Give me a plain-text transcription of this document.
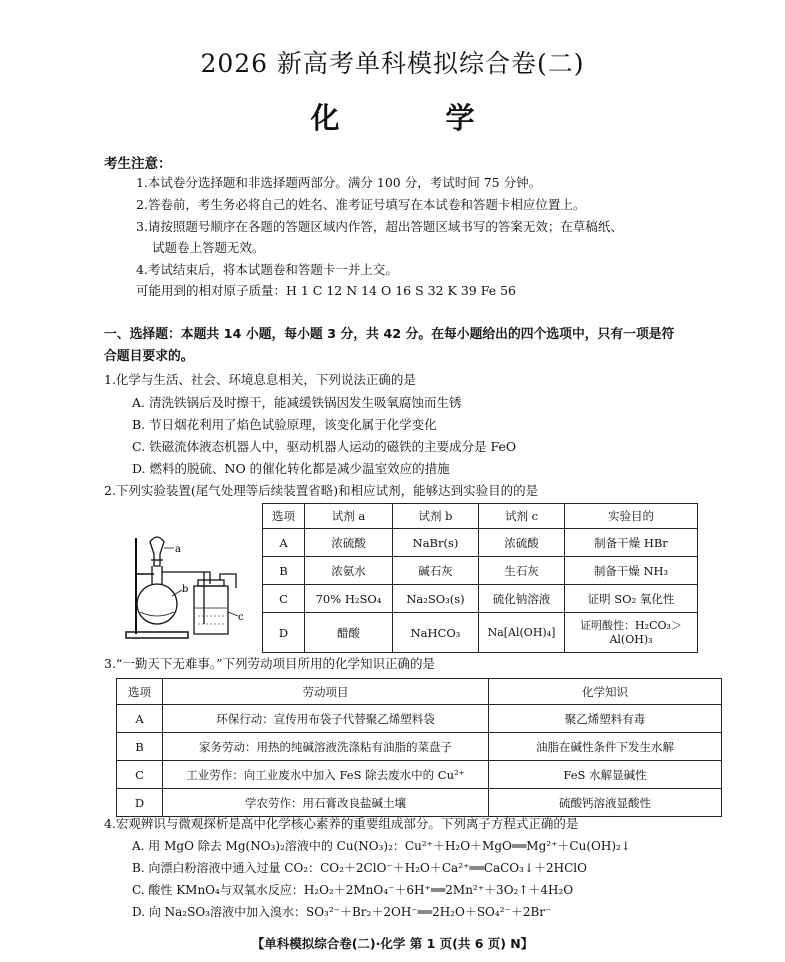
2026 新高考单科模拟综合卷(二)
化 学
考生注意：
1.本试卷分选择题和非选择题两部分。满分 100 分，考试时间 75 分钟。
2.答卷前，考生务必将自己的姓名、准考证号填写在本试卷和答题卡相应位置上。
3.请按照题号顺序在各题的答题区域内作答，超出答题区域书写的答案无效；在草稿纸、
试题卷上答题无效。
4.考试结束后，将本试题卷和答题卡一并上交。
可能用到的相对原子质量：H 1 C 12 N 14 O 16 S 32 K 39 Fe 56
一、选择题：本题共 14 小题，每小题 3 分，共 42 分。在每小题给出的四个选项中，只有一项是符
合题目要求的。
1.化学与生活、社会、环境息息相关，下列说法正确的是
A. 清洗铁锅后及时擦干，能减缓铁锅因发生吸氧腐蚀而生锈
B. 节日烟花利用了焰色试验原理，该变化属于化学变化
C. 铁磁流体液态机器人中，驱动机器人运动的磁铁的主要成分是 FeO
D. 燃料的脱硫、NO 的催化转化都是减少温室效应的措施
2.下列实验装置(尾气处理等后续装置省略)和相应试剂，能够达到实验目的的是
a
b
c
选项	试剂 a	试剂 b	试剂 c	实验目的
A	浓硫酸	NaBr(s)	浓硫酸	制备干燥 HBr
B	浓氨水	碱石灰	生石灰	制备干燥 NH₃
C	70% H₂SO₄	Na₂SO₃(s)	硫化钠溶液	证明 SO₂ 氧化性
D	醋酸	NaHCO₃	Na[Al(OH)₄]	证明酸性：H₂CO₃＞Al(OH)₃
3.“一勤天下无难事。”下列劳动项目所用的化学知识正确的是
选项	劳动项目	化学知识
A	环保行动：宣传用布袋子代替聚乙烯塑料袋	聚乙烯塑料有毒
B	家务劳动：用热的纯碱溶液洗涤粘有油脂的菜盘子	油脂在碱性条件下发生水解
C	工业劳作：向工业废水中加入 FeS 除去废水中的 Cu²⁺	FeS 水解显碱性
D	学农劳作：用石膏改良盐碱土壤	硫酸钙溶液显酸性
4.宏观辨识与微观探析是高中化学核心素养的重要组成部分。下列离子方程式正确的是
A. 用 MgO 除去 Mg(NO₃)₂溶液中的 Cu(NO₃)₂：Cu²⁺＋H₂O＋MgO══Mg²⁺＋Cu(OH)₂↓
B. 向漂白粉溶液中通入过量 CO₂：CO₂＋2ClO⁻＋H₂O＋Ca²⁺══CaCO₃↓＋2HClO
C. 酸性 KMnO₄与双氧水反应：H₂O₂＋2MnO₄⁻＋6H⁺══2Mn²⁺＋3O₂↑＋4H₂O
D. 向 Na₂SO₃溶液中加入溴水：SO₃²⁻＋Br₂＋2OH⁻══2H₂O＋SO₄²⁻＋2Br⁻
【单科模拟综合卷(二)·化学 第 1 页(共 6 页) N】
